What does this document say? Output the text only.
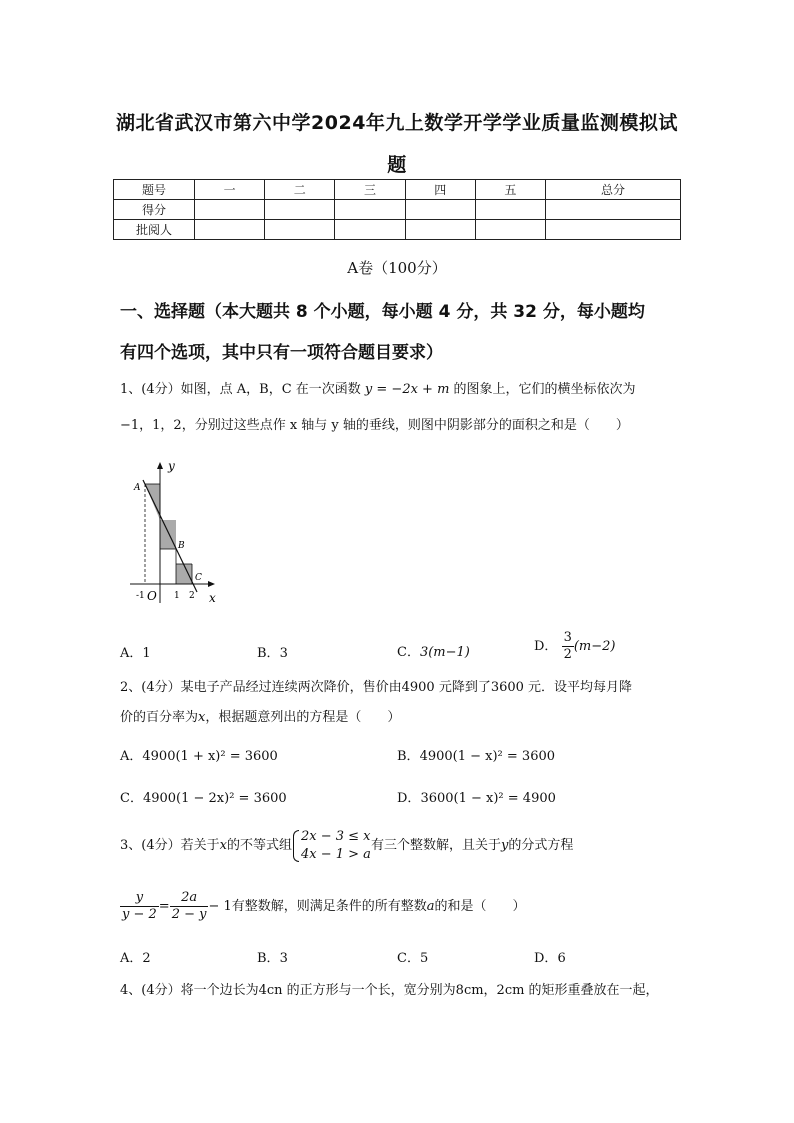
湖北省武汉市第六中学2024年九上数学开学学业质量监测模拟试
题
题号	一	二	三	四	五	总分
得分						
批阅人						
A卷（100分）
一、选择题（本大题共 8 个小题，每小题 4 分，共 32 分，每小题均
有四个选项，其中只有一项符合题目要求）
1、(4分）如图，点 A，B，C 在一次函数 y = −2x + m 的图象上，它们的横坐标依次为
−1，1，2，分别过这些点作 x 轴与 y 轴的垂线，则图中阴影部分的面积之和是（　　）
y
x
O
A
B
C
-1	1 2
A．1	B．3	C．3(m−1)	D． $\frac{3}{2} (m-2)$
2、(4分）某电子产品经过连续两次降价，售价由4900 元降到了3600 元．设平均每月降
价的百分率为x，根据题意列出的方程是（　　）
A．4900(1 + x)² = 3600	B．4900(1 − x)² = 3600
C．4900(1 − 2x)² = 3600	D．3600(1 − x)² = 4900
3、(4分）若关于x的不等式组
2x − 3 ≤ x
4x − 1 > a
有三个整数解，且关于y的分式方程
$\frac{y}{y - 2} = \frac{2a}{2 - y} - 1$有整数解，则满足条件的所有整数a的和是（　　）
A．2	B．3	C．5	D．6
4、(4分）将一个边长为4cn 的正方形与一个长，宽分别为8cm，2cm 的矩形重叠放在一起，
